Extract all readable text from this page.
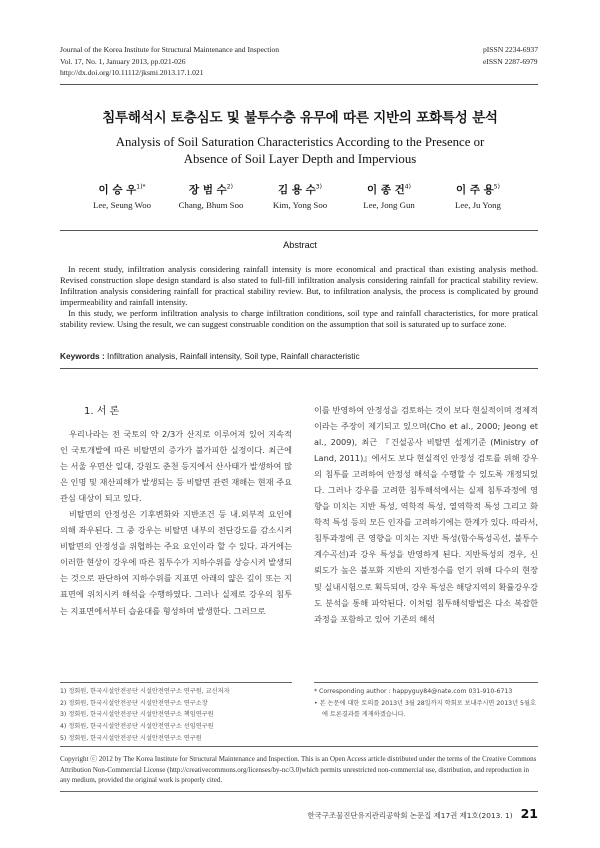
Journal of the Korea Institute for Structural Maintenance and Inspection
Vol. 17, No. 1, January 2013, pp.021-026
http://dx.doi.org/10.11112/jksmi.2013.17.1.021
pISSN 2234-6937
eISSN 2287-6979
침투해석시 토층심도 및 불투수층 유무에 따른 지반의 포화특성 분석
Analysis of Soil Saturation Characteristics According to the Presence or
Absence of Soil Layer Depth and Impervious
이 승 우$^{1)*}$
Lee, Seung Woo
장 범 수$^{2)}$
Chang, Bhum Soo
김 용 수$^{3)}$
Kim, Yong Soo
이 종 건$^{4)}$
Lee, Jong Gun
이 주 용$^{5)}$
Lee, Ju Yong
Abstract

In recent study, infiltration analysis considering rainfall intensity is more economical and practical than existing analysis method. Revised construction slope design standard is also stated to full-fill infiltration analysis considering rainfall for practical stability review. Infiltration analysis considering rainfall for practical stability review. But, to infiltration analysis, the process is complicated by ground impermeability and rainfall intensity.

In this study, we perform infiltration analysis to charge infiltration conditions, soil type and rainfall characteristics, for more pratical stability review. Using the result, we can suggest construable condition on the assumption that soil is saturated up to surface zone.

Keywords : Infiltration analysis, Rainfall intensity, Soil type, Rainfall characteristic
1. 서 론

우리나라는 전 국토의 약 2/3가 산지로 이루어져 있어 지속적인 국토개발에 따른 비탈면의 증가가 불가피한 실정이다. 최근에는 서울 우면산 일대, 강원도 춘천 등지에서 산사태가 발생하여 많은 인명 및 재산피해가 발생되는 등 비탈면 관련 재해는 현재 주요 관심 대상이 되고 있다.

비탈면의 안정성은 기후변화와 지반조건 등 내․외부적 요인에 의해 좌우된다. 그 중 강우는 비탈면 내부의 전단강도를 감소시켜 비탈면의 안정성을 위협하는 주요 요인이라 할 수 있다. 과거에는 이러한 현상이 강우에 따른 침투수가 지하수위를 상승시켜 발생되는 것으로 판단하여 지하수위를 지표면 아래의 얇은 깊이 또는 지표면에 위치시켜 해석을 수행하였다. 그러나 실제로 강우의 침투는 지표면에서부터 습윤대를 형성하며 발생한다. 그러므로

이를 반영하여 안정성을 검토하는 것이 보다 현실적이며 경제적이라는 주장이 제기되고 있으며(Cho et al., 2000; Jeong et al., 2009), 최근 『건설공사 비탈면 설계기준 (Ministry of Land, 2011)』에서도 보다 현실적인 안정성 검토를 위해 강우의 침투를 고려하여 안정성 해석을 수행할 수 있도록 개정되었다. 그러나 강우를 고려한 침투해석에서는 실제 침투과정에 영향을 미치는 지반 특성, 역학적 특성, 열역학적 특성 그리고 화학적 특성 등의 모든 인자를 고려하기에는 한계가 있다. 따라서, 침투과정에 큰 영향을 미치는 지반 특성(함수특성곡선, 불투수계수곡선)과 강우 특성을 반영하게 된다. 지반특성의 경우, 신뢰도가 높은 불포화 지반의 지반정수를 얻기 위해 다수의 현장 및 실내시험으로 획득되며, 강우 특성은 해당지역의 확률강우강도 분석을 통해 파악된다. 이처럼 침투해석방법은 다소 복잡한 과정을 포함하고 있어 기존의 해석

1) 정회원, 한국시설안전공단 시설안전연구소 연구원, 교신저자
2) 정회원, 한국시설안전공단 시설안전연구소 연구소장
3) 정회원, 한국시설안전공단 시설안전연구소 책임연구원
4) 정회원, 한국시설안전공단 시설안전연구소 선임연구원
5) 정회원, 한국시설안전공단 시설안전연구소 연구원
* Corresponding author : happyguy84@nate.com 031-910-6713
• 본 논문에 대한 토의를 2013년 3월 28일까지 학회로 보내주시면 2013년 5월호에 토론결과를 게재하겠습니다.
Copyright ⓒ 2012 by The Korea Institute for Structural Maintenance and Inspection. This is an Open Access article distributed under the terms of the Creative Commons Attribution Non-Commercial License (http://creativecommons.org/licenses/by-nc/3.0)which permits unrestricted non-commercial use, distribution, and reproduction in any medium, provided the original work is properly cited.
한국구조물진단유지관리공학회 논문집 제17권 제1호(2013. 1) 21
